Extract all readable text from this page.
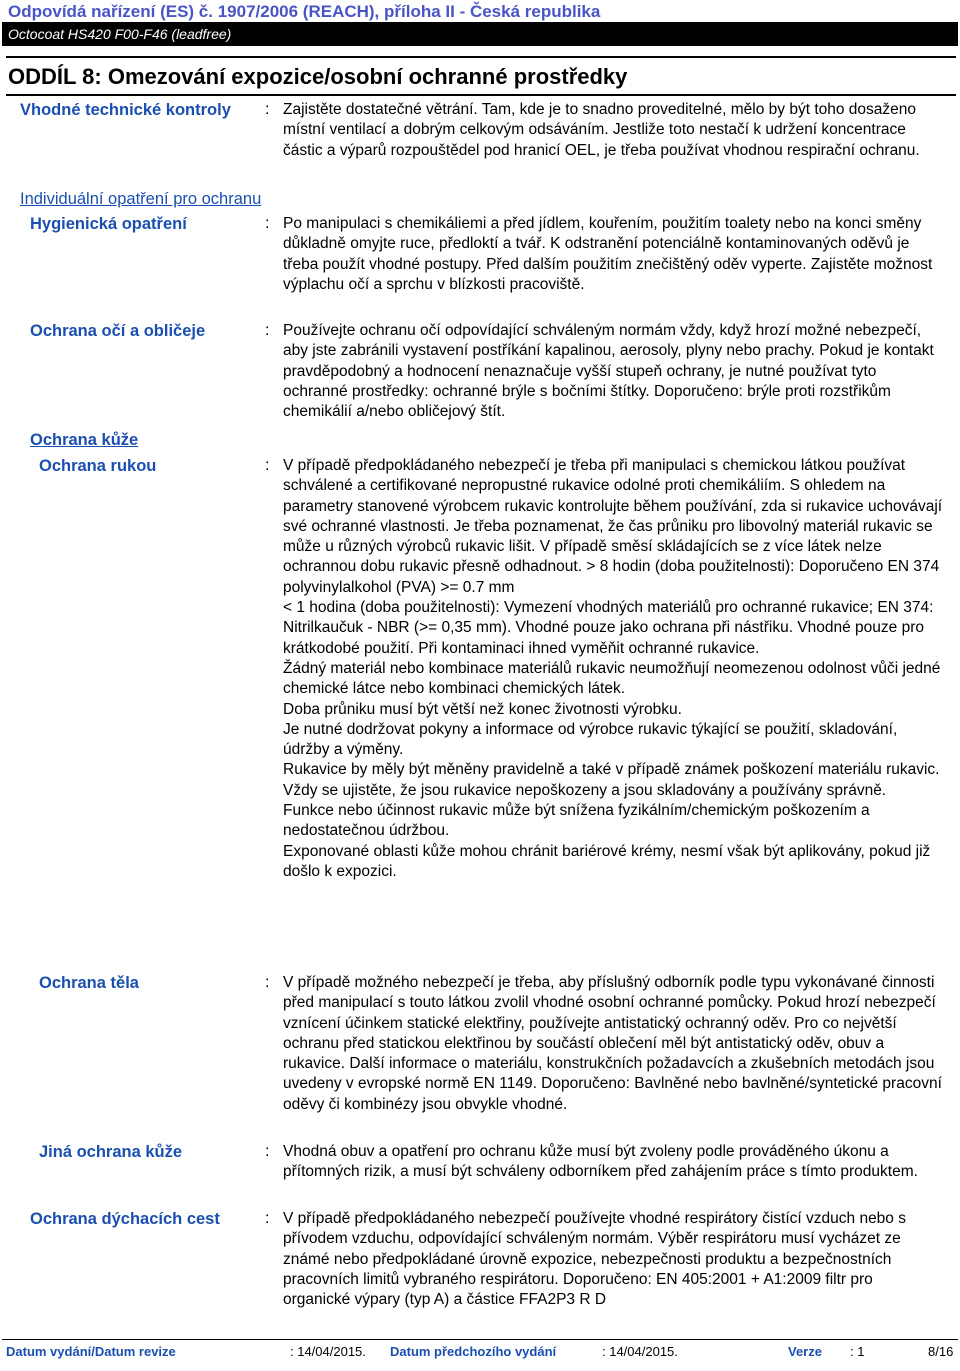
Odpovídá nařízení (ES) č. 1907/2006 (REACH), příloha II - Česká republika
Octocoat HS420 F00-F46 (leadfree)
ODDÍL 8: Omezování expozice/osobní ochranné prostředky
Vhodné technické kontroly : Zajistěte dostatečné větrání. Tam, kde je to snadno proveditelné, mělo by být toho dosaženo místní ventilací a dobrým celkovým odsáváním. Jestliže toto nestačí k udržení koncentrace částic a výparů rozpouštědel pod hranicí OEL, je třeba používat vhodnou respirační ochranu.
Individuální opatření pro ochranu
Hygienická opatření	: Po manipulaci s chemikáliemi a před jídlem, kouřením, použitím toalety nebo na konci směny důkladně omyjte ruce, předloktí a tvář. K odstranění potenciálně kontaminovaných oděvů je třeba použít vhodné postupy. Před dalším použitím znečištěný oděv vyperte. Zajistěte možnost výplachu očí a sprchu v blízkosti pracoviště.
Ochrana očí a obličeje	: Používejte ochranu očí odpovídající schváleným normám vždy, když hrozí možné nebezpečí, aby jste zabránili vystavení postříkání kapalinou, aerosoly, plyny nebo prachy. Pokud je kontakt pravděpodobný a hodnocení nenaznačuje vyšší stupeň ochrany, je nutné používat tyto ochranné prostředky: ochranné brýle s bočními štítky. Doporučeno: brýle proti rozstřikům chemikálií a/nebo obličejový štít.
Ochrana kůže
Ochrana rukou	: V případě předpokládaného nebezpečí je třeba při manipulaci s chemickou látkou používat schválené a certifikované nepropustné rukavice odolné proti chemikáliím. S ohledem na parametry stanovené výrobcem rukavic kontrolujte během používání, zda si rukavice uchovávají své ochranné vlastnosti. Je třeba poznamenat, že čas průniku pro libovolný materiál rukavic se může u různých výrobců rukavic lišit. V případě směsí skládajících se z více látek nelze ochrannou dobu rukavic přesně odhadnout. > 8 hodin (doba použitelnosti): Doporučeno EN 374 polyvinylalkohol (PVA) >= 0.7 mm

< 1 hodina (doba použitelnosti): Vymezení vhodných materiálů pro ochranné rukavice; EN 374: Nitrilkaučuk - NBR (>= 0,35 mm). Vhodné pouze jako ochrana při nástřiku. Vhodné pouze pro krátkodobé použití. Při kontaminaci ihned vyměňit ochranné rukavice.

Žádný materiál nebo kombinace materiálů rukavic neumožňují neomezenou odolnost vůči jedné chemické látce nebo kombinaci chemických látek.

Doba průniku musí být větší než konec životnosti výrobku.

Je nutné dodržovat pokyny a informace od výrobce rukavic týkající se použití, skladování, údržby a výměny.

Rukavice by měly být měněny pravidelně a také v případě známek poškození materiálu rukavic.

Vždy se ujistěte, že jsou rukavice nepoškozeny a jsou skladovány a používány správně.

Funkce nebo účinnost rukavic může být snížena fyzikálním/chemickým poškozením a nedostatečnou údržbou.

Exponované oblasti kůže mohou chránit bariérové krémy, nesmí však být aplikovány, pokud již došlo k expozici.

Ochrana těla	: V případě možného nebezpečí je třeba, aby příslušný odborník podle typu vykonávané činnosti před manipulací s touto látkou zvolil vhodné osobní ochranné pomůcky. Pokud hrozí nebezpečí vznícení účinkem statické elektřiny, používejte antistatický ochranný oděv. Pro co největší ochranu před statickou elektřinou by součástí oblečení měl být antistatický oděv, obuv a rukavice. Další informace o materiálu, konstrukčních požadavcích a zkušebních metodách jsou uvedeny v evropské normě EN 1149. Doporučeno: Bavlněné nebo bavlněné/syntetické pracovní oděvy či kombinézy jsou obvykle vhodné.
Jiná ochrana kůže	: Vhodná obuv a opatření pro ochranu kůže musí být zvoleny podle prováděného úkonu a přítomných rizik, a musí být schváleny odborníkem před zahájením práce s tímto produktem.
Ochrana dýchacích cest	: V případě předpokládaného nebezpečí používejte vhodné respirátory čistící vzduch nebo s přívodem vzduchu, odpovídající schváleným normám. Výběr respirátoru musí vycházet ze známé nebo předpokládané úrovně expozice, nebezpečnosti produktu a bezpečnostních pracovních limitů vybraného respirátoru. Doporučeno: EN 405:2001 + A1:2009 filtr pro organické výpary (typ A) a částice FFA2P3 R D
Datum vydání/Datum revize	: 14/04/2015. Datum předchozího vydání	: 14/04/2015.	Verze : 1	8/16
